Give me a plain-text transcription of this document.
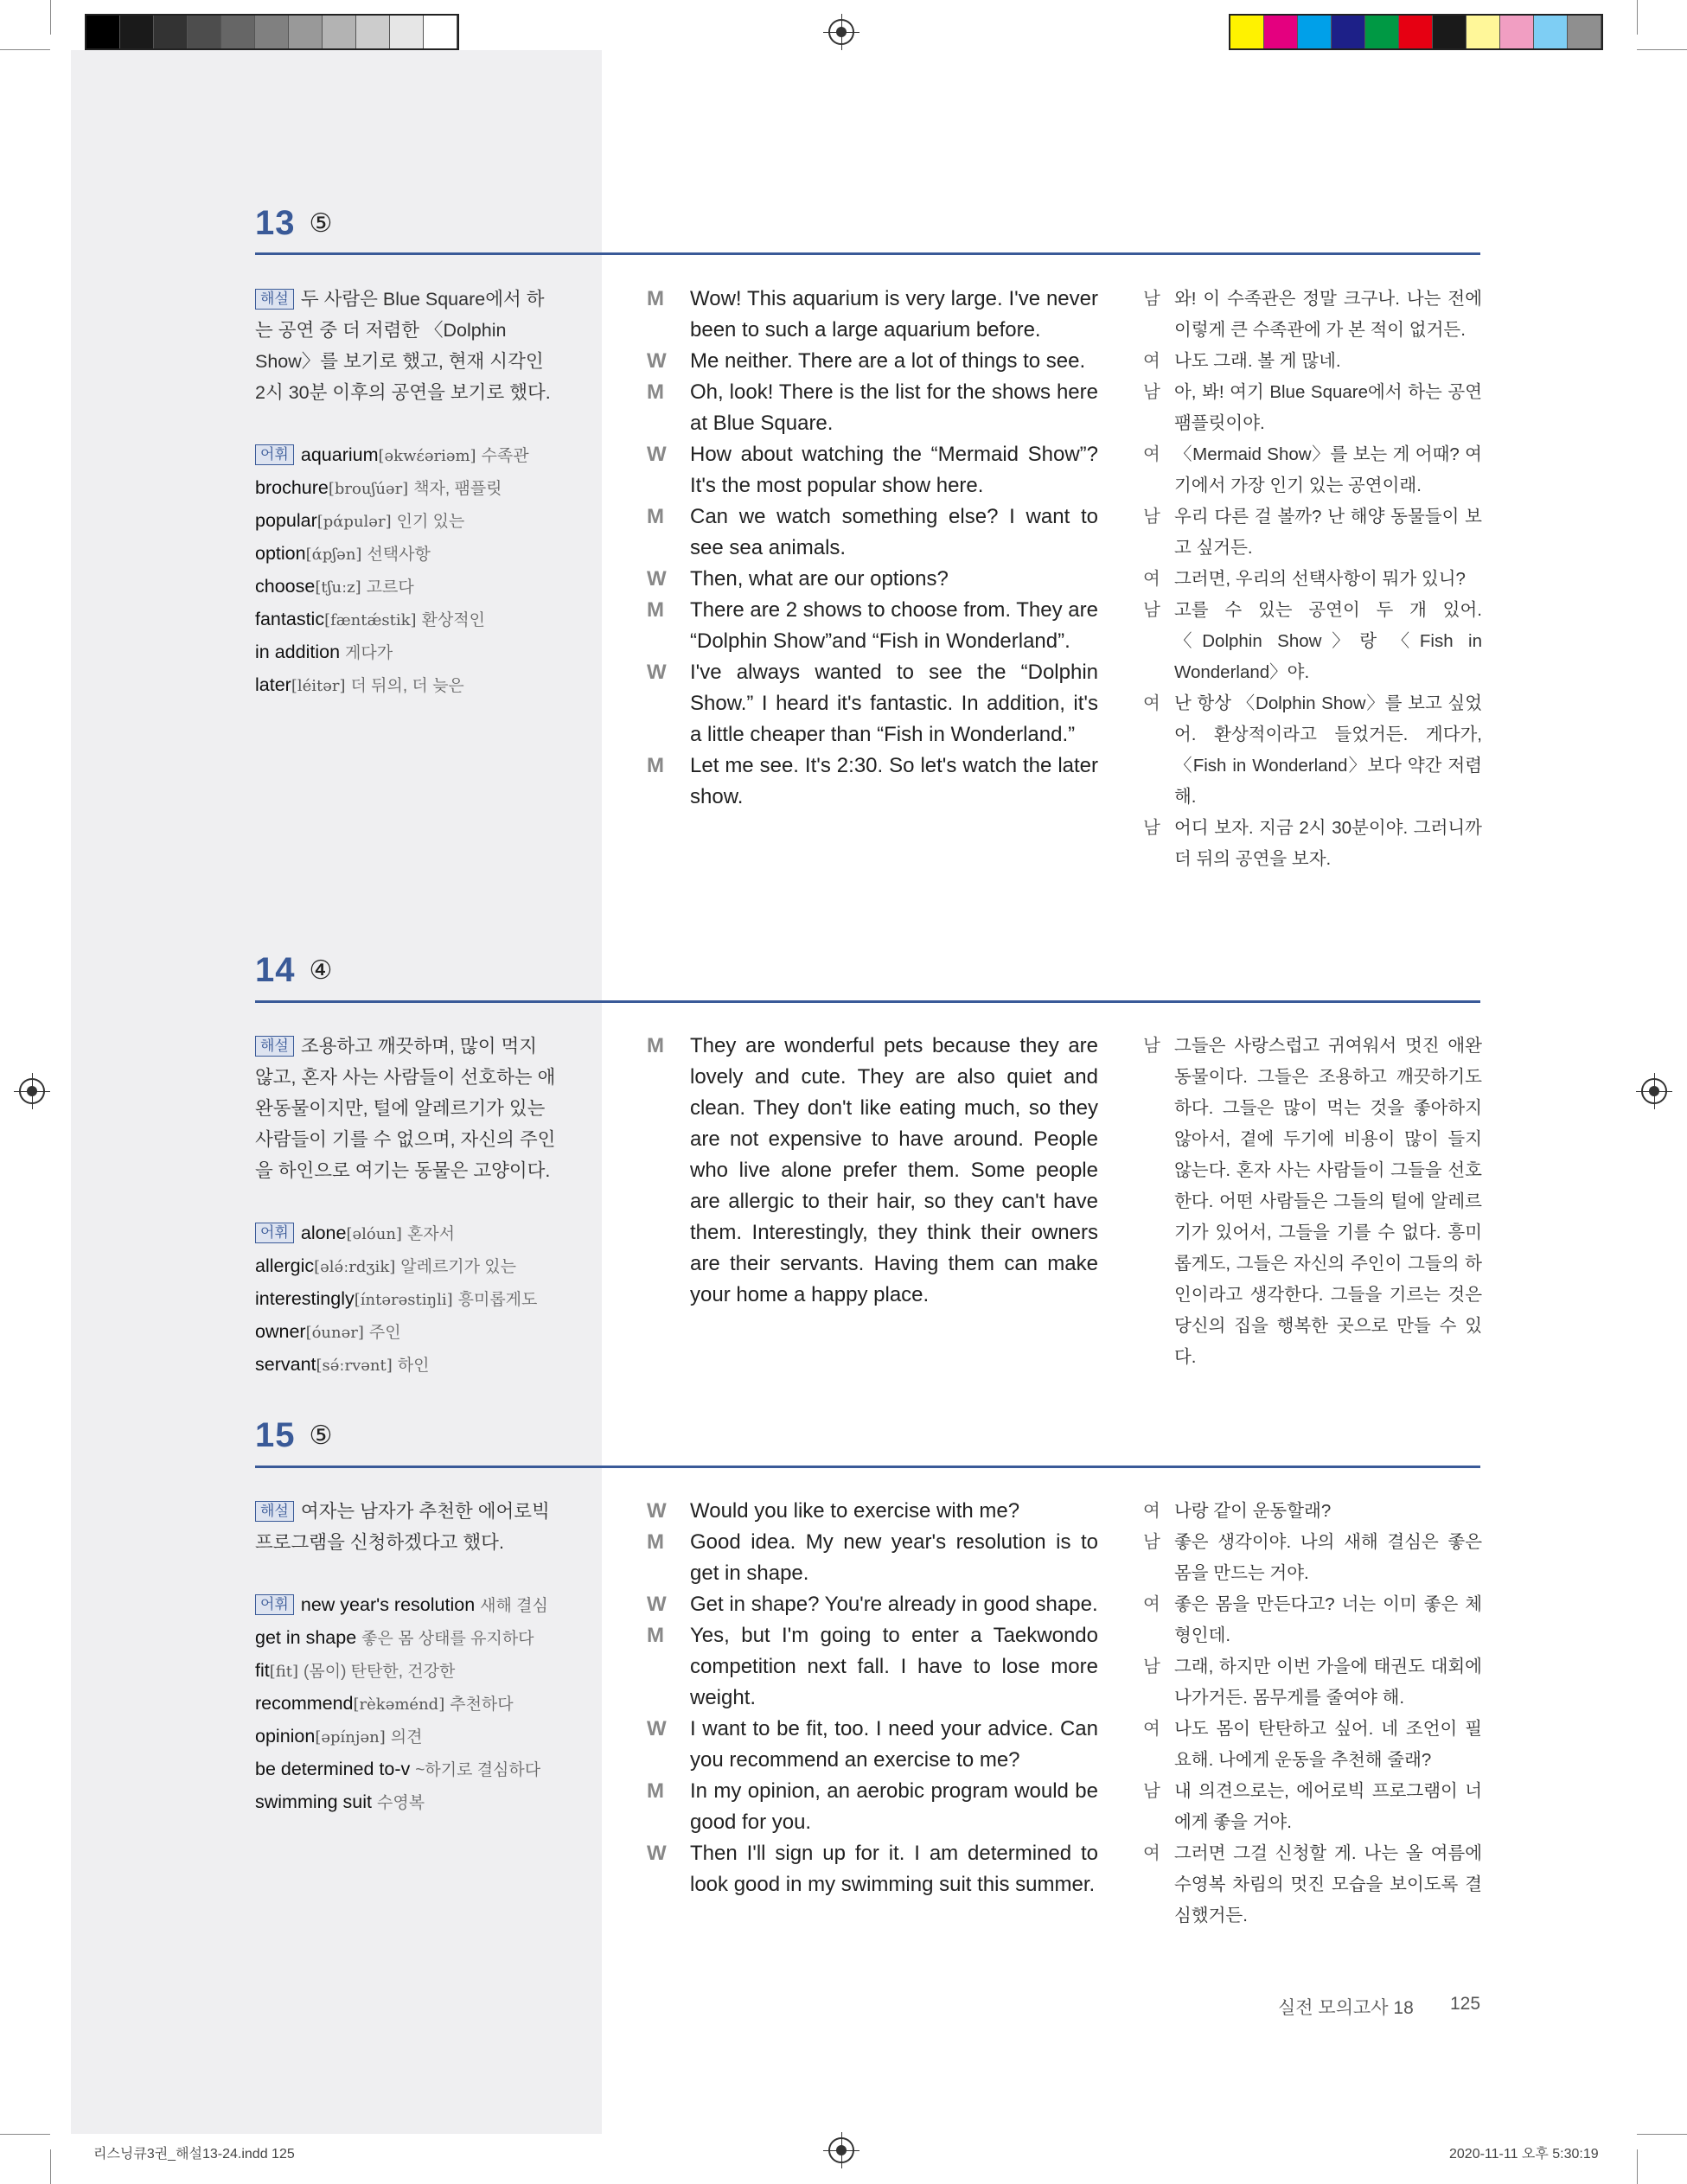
13 ⑤
해설 두 사람은 Blue Square에서 하는 공연 중 더 저렴한 〈Dolphin Show〉를 보기로 했고, 현재 시각인 2시 30분 이후의 공연을 보기로 했다.
어휘 aquarium[əkwέəriəm] 수족관
brochure[brouʃúər] 책자, 팸플릿
popular[pάpulər] 인기 있는
option[άpʃən] 선택사항
choose[tʃuːz] 고르다
fantastic[fæntǽstik] 환상적인
in addition 게다가
later[léitər] 더 뒤의, 더 늦은
M	Wow! This aquarium is very large. I've never been to such a large aquarium before.
W	Me neither. There are a lot of things to see.
M	Oh, look! There is the list for the shows here at Blue Square.
W	How about watching the “Mermaid Show”? It's the most popular show here.
M	Can we watch something else? I want to see sea animals.
W	Then, what are our options?
M	There are 2 shows to choose from. They are “Dolphin Show”and “Fish in Wonderland”.
W	I've always wanted to see the “Dolphin Show.” I heard it's fantastic. In addition, it's a little cheaper than “Fish in Wonderland.”
M	Let me see. It's 2:30. So let's watch the later show.
남 와! 이 수족관은 정말 크구나. 나는 전에 이렇게 큰 수족관에 가 본 적이 없거든.
여 나도 그래. 볼 게 많네.
남 아, 봐! 여기 Blue Square에서 하는 공연 팸플릿이야.
여 〈Mermaid Show〉를 보는 게 어때? 여기에서 가장 인기 있는 공연이래.
남 우리 다른 걸 볼까? 난 해양 동물들이 보고 싶거든.
여 그러면, 우리의 선택사항이 뭐가 있니?
남 고를 수 있는 공연이 두 개 있어. 〈Dolphin Show〉랑 〈Fish in Wonderland〉야.
여 난 항상 〈Dolphin Show〉를 보고 싶었어. 환상적이라고 들었거든. 게다가, 〈Fish in Wonderland〉보다 약간 저렴해.
남 어디 보자. 지금 2시 30분이야. 그러니까 더 뒤의 공연을 보자.
14 ④
해설 조용하고 깨끗하며, 많이 먹지 않고, 혼자 사는 사람들이 선호하는 애완동물이지만, 털에 알레르기가 있는 사람들이 기를 수 없으며, 자신의 주인을 하인으로 여기는 동물은 고양이다.
어휘 alone[əlóun] 혼자서
allergic[ələ́ːrdʒik] 알레르기가 있는
interestingly[íntərəstiŋli] 흥미롭게도
owner[óunər] 주인
servant[sə́ːrvənt] 하인
M	They are wonderful pets because they are lovely and cute. They are also quiet and clean. They don't like eating much, so they are not expensive to have around. People who live alone prefer them. Some people are allergic to their hair, so they can't have them. Interestingly, they think their owners are their servants. Having them can make your home a happy place.
남 그들은 사랑스럽고 귀여워서 멋진 애완동물이다. 그들은 조용하고 깨끗하기도 하다. 그들은 많이 먹는 것을 좋아하지 않아서, 곁에 두기에 비용이 많이 들지 않는다. 혼자 사는 사람들이 그들을 선호한다. 어떤 사람들은 그들의 털에 알레르기가 있어서, 그들을 기를 수 없다. 흥미롭게도, 그들은 자신의 주인이 그들의 하인이라고 생각한다. 그들을 기르는 것은 당신의 집을 행복한 곳으로 만들 수 있다.
15 ⑤
해설 여자는 남자가 추천한 에어로빅 프로그램을 신청하겠다고 했다.
어휘 new year's resolution 새해 결심
get in shape 좋은 몸 상태를 유지하다
fit[fit] (몸이) 탄탄한, 건강한
recommend[rèkəménd] 추천하다
opinion[əpínjən] 의견
be determined to-v ~하기로 결심하다
swimming suit 수영복
W	Would you like to exercise with me?
M	Good idea. My new year's resolution is to get in shape.
W	Get in shape? You're already in good shape.
M	Yes, but I'm going to enter a Taekwondo competition next fall. I have to lose more weight.
W	I want to be fit, too. I need your advice. Can you recommend an exercise to me?
M	In my opinion, an aerobic program would be good for you.
W	Then I'll sign up for it. I am determined to look good in my swimming suit this summer.
여 나랑 같이 운동할래?
남 좋은 생각이야. 나의 새해 결심은 좋은 몸을 만드는 거야.
여 좋은 몸을 만든다고? 너는 이미 좋은 체형인데.
남 그래, 하지만 이번 가을에 태권도 대회에 나가거든. 몸무게를 줄여야 해.
여 나도 몸이 탄탄하고 싶어. 네 조언이 필요해. 나에게 운동을 추천해 줄래?
남 내 의견으로는, 에어로빅 프로그램이 너에게 좋을 거야.
여 그러면 그걸 신청할 게. 나는 올 여름에 수영복 차림의 멋진 모습을 보이도록 결심했거든.
실전 모의고사 18 125
리스닝큐3권_해설13-24.indd 125	2020-11-11 오후 5:30:19
